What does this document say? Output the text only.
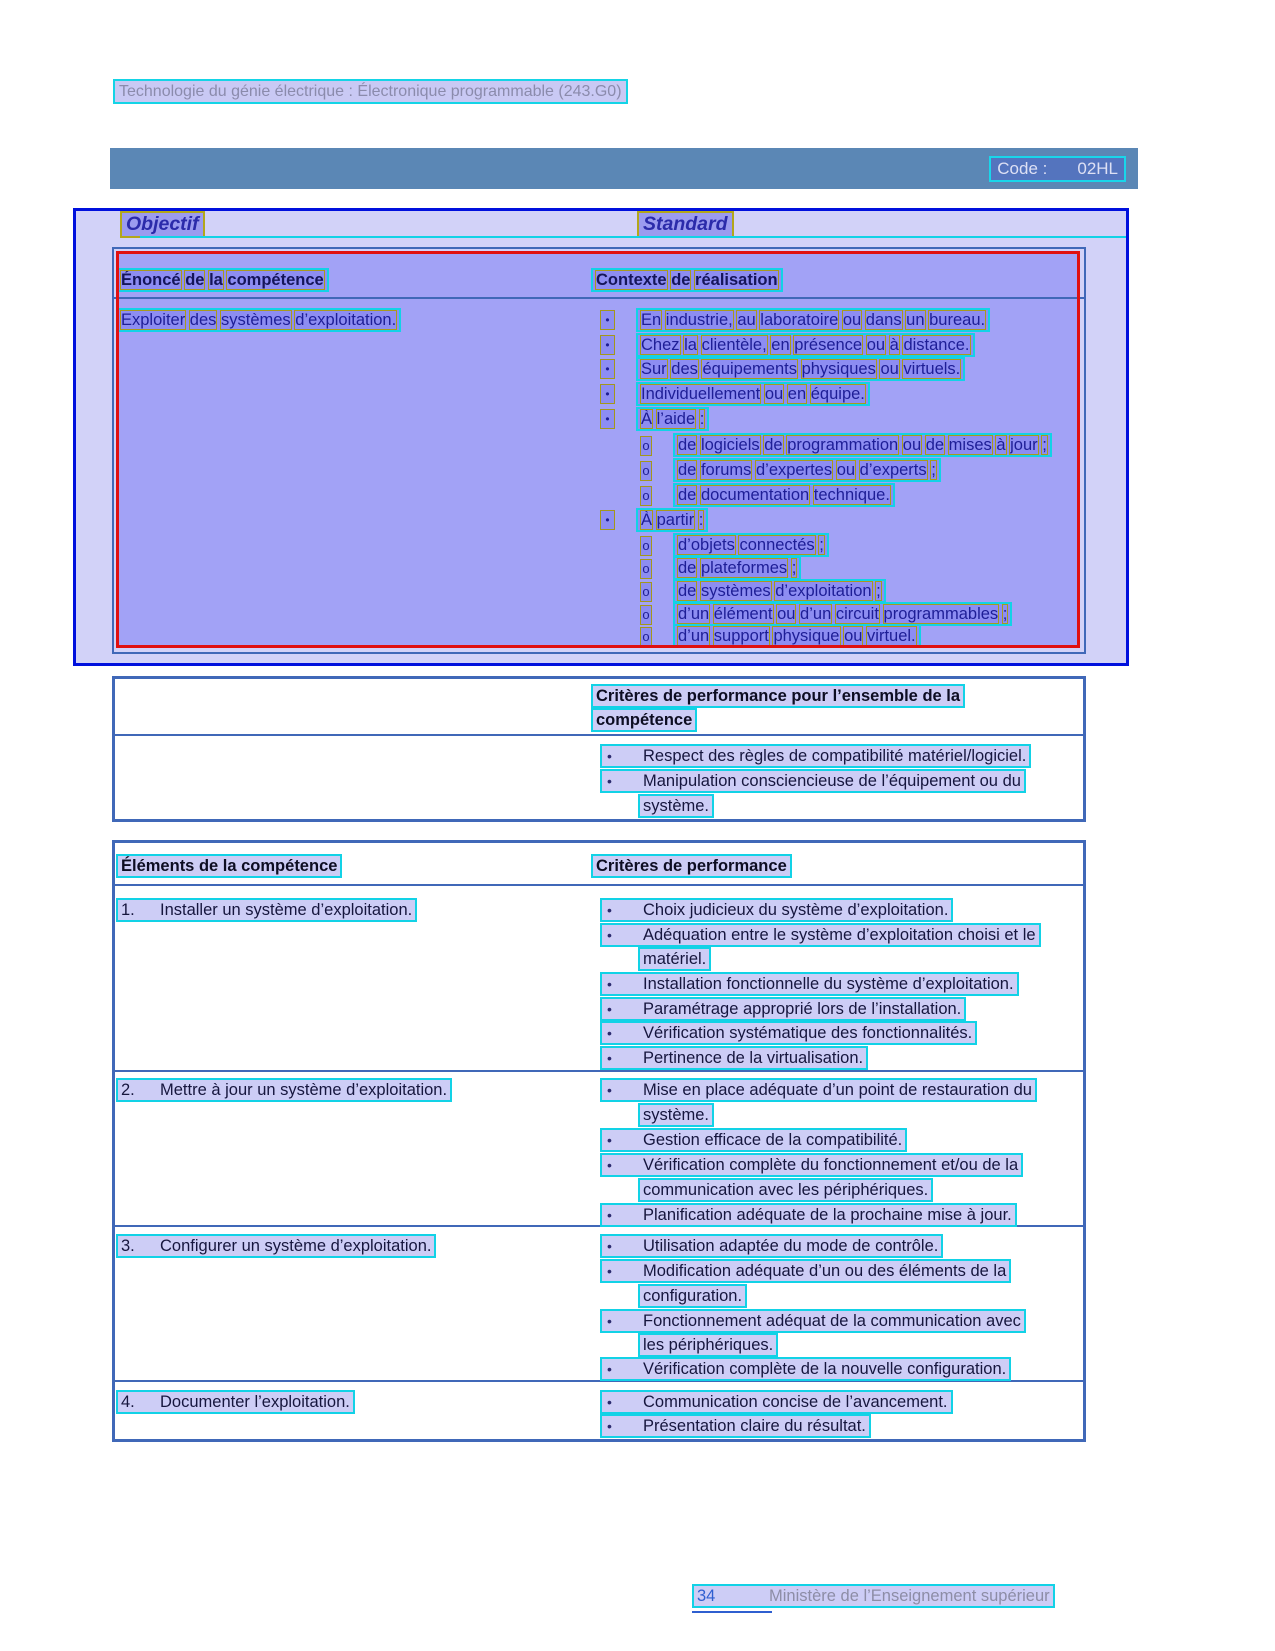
Technologie du génie électrique : Électronique programmable (243.G0)
Code : 02HL
Objectif	Standard
Énoncé de la compétence	Contexte de réalisation
Exploiter des systèmes d’exploitation.	• En industrie, au laboratoire ou dans un bureau.
• Chez la clientèle, en présence ou à distance.
• Sur des équipements physiques ou virtuels.
• Individuellement ou en équipe.
• À l’aide :
o de logiciels de programmation ou de mises à jour ;
o de forums d’expertes ou d’experts ;
o de documentation technique.
• À partir :
o d’objets connectés ;
o de plateformes ;
o de systèmes d’exploitation ;
o d’un élément ou d’un circuit programmables ;
o d’un support physique ou virtuel.
Critères de performance pour l’ensemble de la
compétence
• Respect des règles de compatibilité matériel/logiciel.
• Manipulation consciencieuse de l’équipement ou du
système.
Éléments de la compétence	Critères de performance
1. Installer un système d’exploitation.	• Choix judicieux du système d’exploitation.
• Adéquation entre le système d’exploitation choisi et le
matériel.
• Installation fonctionnelle du système d’exploitation.
• Paramétrage approprié lors de l’installation.
• Vérification systématique des fonctionnalités.
• Pertinence de la virtualisation.
2. Mettre à jour un système d’exploitation.	• Mise en place adéquate d’un point de restauration du
système.
• Gestion efficace de la compatibilité.
• Vérification complète du fonctionnement et/ou de la
communication avec les périphériques.
• Planification adéquate de la prochaine mise à jour.
3. Configurer un système d’exploitation.	• Utilisation adaptée du mode de contrôle.
• Modification adéquate d’un ou des éléments de la
configuration.
• Fonctionnement adéquat de la communication avec
les périphériques.
• Vérification complète de la nouvelle configuration.
4. Documenter l’exploitation.	• Communication concise de l’avancement.
• Présentation claire du résultat.
34	Ministère de l’Enseignement supérieur
